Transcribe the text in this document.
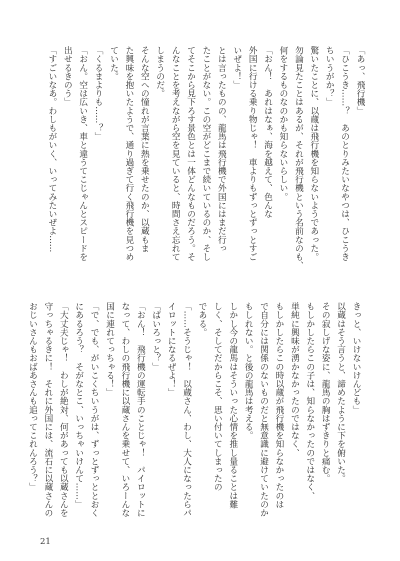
「あっ、飛行機」
「ひこうき……？　あのとりみたいなやつは、ひこうき
ちいうがか？」
驚いたことに、以蔵は飛行機を知らないようであった。
勿論見たことはあるが、それが飛行機という名前なのも、
何をするものなのかも知らないらしい。
「おん！　あれはなぁ、海を越えて、色んな
外国に行ける乗り物じゃ！　車よりもずっとずっとすご
いぜよ！」
とは言ったものの、龍馬は飛行機で外国にはまだ行っ
たことがない。この空がどこまで続いているのか、そし
てそこから見下ろす景色とは一体どんなものだろう。そ
んなことを考えながら空を見ていると、時間さえ忘れて
しまうのだ。
そんな空への憧れが言葉に熱を乗せたのか、以蔵もま
た興味を抱いたようで、通り過ぎて行く飛行機を見つめ
ていた。
「くるまよりも……？」
「おん。空は広いき、車と違うてこじゃんとスピードを
出せるきのう」
「すごいなあ。わしもがいく、いってみたいぜよ……
きっと、いけないけんども」
以蔵はそう言うと、諦めたように下を俯いた。
その寂しげな姿に、龍馬の胸はずきりと痛む。
もしかしたらこの子は、知らなかったのではなく、
単純に興味が湧かなかったのではなく、
もしかしたらこの時以蔵が飛行機を知らなかったのは
で自分には関係のないものだと無意識に避けていたのか
もしれない。と後の龍馬は考える。
しかし今の龍馬はそういった心情を推し量ることは難
しく、そしてだからこそ、思い付いてしまったの
である。
「……そうじゃ！　以蔵さん、わし、大人になったらパ
イロットになるぜよ！」
「ぱいろっと？」
「おん！　飛行機の運転手のことじゃ！　パイロットに
なって、わしの飛行機に以蔵さんを乗せて、いろーんな
国に連れてっちゃる！」
「で、でも、がいこくちいうがは、ずっとずっととおく
にあるろう？　そがなとこ、いっちゃいけんて……」
「大丈夫じゃ！　わしが絶対、何があっても以蔵さんを
守っちゃるきに！　それに外国には、流石に以蔵さんの
おじいさんもおばあさんも追ってこれんろう？」
21
